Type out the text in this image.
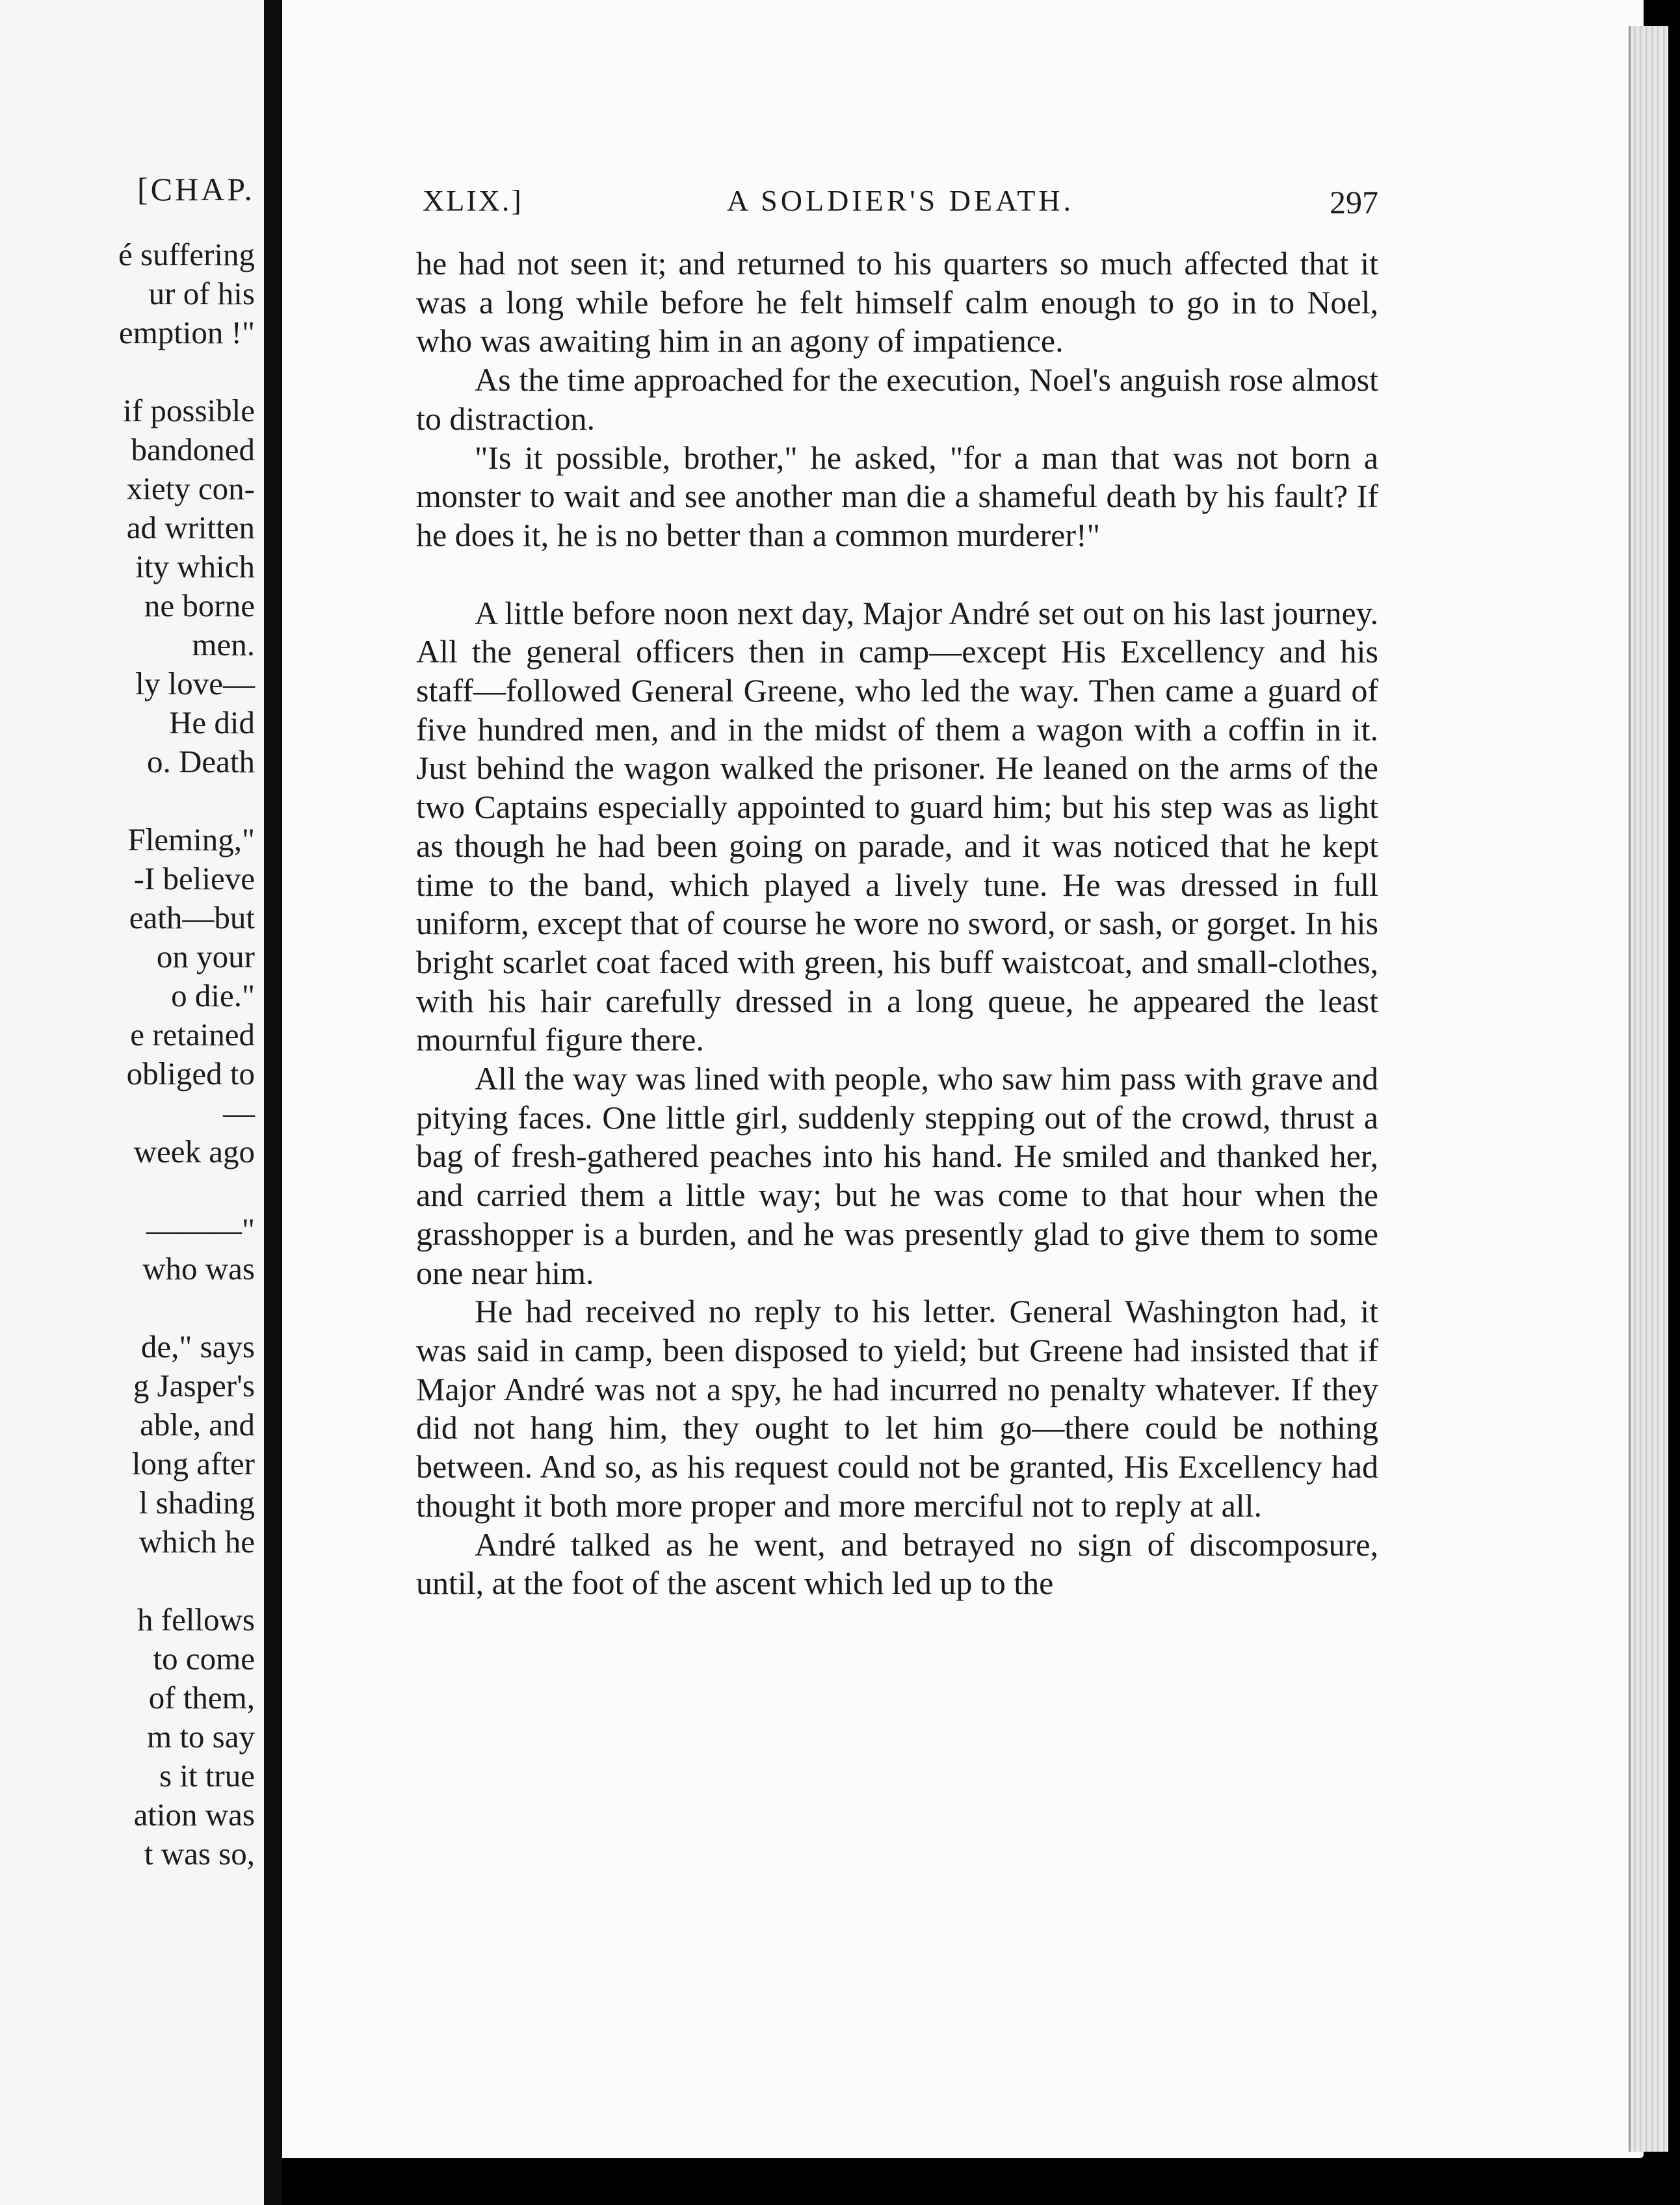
[CHAP.
é suffering
ur of his
emption !"
if possible
bandoned
xiety con-
ad written
ity which
ne borne
men.
ly love—
He did
o. Death
Fleming,"
-I believe
eath—but
on your
o die."
e retained
obliged to
—
week ago
———"
who was
de," says
g Jasper's
able, and
long after
l shading
which he
h fellows
to come
of them,
m to say
s it true
ation was
t was so,
XLIX.]	A SOLDIER'S DEATH.	297

he had not seen it; and returned to his quarters so much affected that it was a long while before he felt himself calm enough to go in to Noel, who was awaiting him in an agony of impatience.

As the time approached for the execution, Noel's anguish rose almost to distraction.

"Is it possible, brother," he asked, "for a man that was not born a monster to wait and see another man die a shameful death by his fault? If he does it, he is no better than a common murderer!"

A little before noon next day, Major André set out on his last journey. All the general officers then in camp—except His Excellency and his staff—followed General Greene, who led the way. Then came a guard of five hundred men, and in the midst of them a wagon with a coffin in it. Just behind the wagon walked the prisoner. He leaned on the arms of the two Captains especially appointed to guard him; but his step was as light as though he had been going on parade, and it was noticed that he kept time to the band, which played a lively tune. He was dressed in full uniform, except that of course he wore no sword, or sash, or gorget. In his bright scarlet coat faced with green, his buff waistcoat, and small-clothes, with his hair carefully dressed in a long queue, he appeared the least mournful figure there.

All the way was lined with people, who saw him pass with grave and pitying faces. One little girl, suddenly stepping out of the crowd, thrust a bag of fresh-gathered peaches into his hand. He smiled and thanked her, and carried them a little way; but he was come to that hour when the grasshopper is a burden, and he was presently glad to give them to some one near him.

He had received no reply to his letter. General Washington had, it was said in camp, been disposed to yield; but Greene had insisted that if Major André was not a spy, he had incurred no penalty whatever. If they did not hang him, they ought to let him go—there could be nothing between. And so, as his request could not be granted, His Excellency had thought it both more proper and more merciful not to reply at all.

André talked as he went, and betrayed no sign of discomposure, until, at the foot of the ascent which led up to the
